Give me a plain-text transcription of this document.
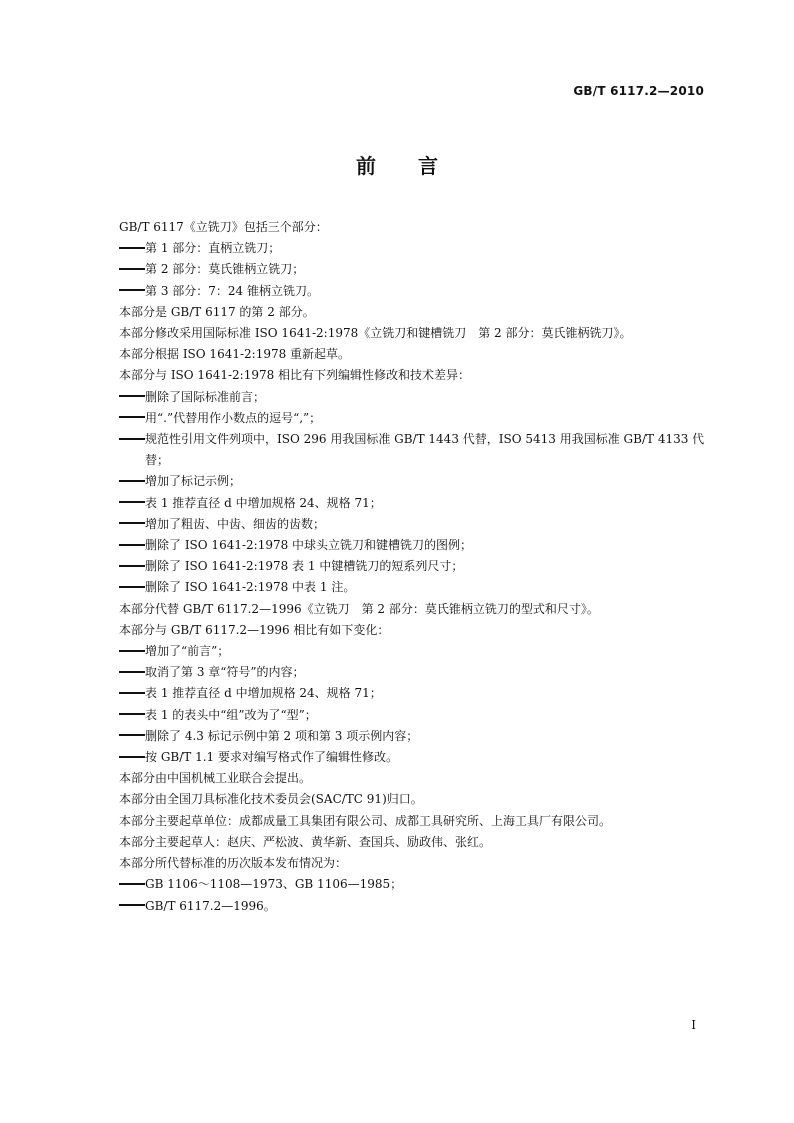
GB/T 6117.2—2010
前言
GB/T 6117《立铣刀》包括三个部分：
第 1 部分：直柄立铣刀；
第 2 部分：莫氏锥柄立铣刀；
第 3 部分：7：24 锥柄立铣刀。
本部分是 GB/T 6117 的第 2 部分。
本部分修改采用国际标准 ISO 1641-2:1978《立铣刀和键槽铣刀　第 2 部分：莫氏锥柄铣刀》。
本部分根据 ISO 1641-2:1978 重新起草。
本部分与 ISO 1641-2:1978 相比有下列编辑性修改和技术差异：
删除了国际标准前言；
用“.”代替用作小数点的逗号“,”；
规范性引用文件列项中，ISO 296 用我国标准 GB/T 1443 代替，ISO 5413 用我国标准 GB/T 4133 代替；
增加了标记示例；
表 1 推荐直径 d 中增加规格 24、规格 71；
增加了粗齿、中齿、细齿的齿数；
删除了 ISO 1641-2:1978 中球头立铣刀和键槽铣刀的图例；
删除了 ISO 1641-2:1978 表 1 中键槽铣刀的短系列尺寸；
删除了 ISO 1641-2:1978 中表 1 注。
本部分代替 GB/T 6117.2—1996《立铣刀　第 2 部分：莫氏锥柄立铣刀的型式和尺寸》。
本部分与 GB/T 6117.2—1996 相比有如下变化：
增加了“前言”；
取消了第 3 章“符号”的内容；
表 1 推荐直径 d 中增加规格 24、规格 71；
表 1 的表头中“组”改为了“型”；
删除了 4.3 标记示例中第 2 项和第 3 项示例内容；
按 GB/T 1.1 要求对编写格式作了编辑性修改。
本部分由中国机械工业联合会提出。
本部分由全国刀具标准化技术委员会(SAC/TC 91)归口。
本部分主要起草单位：成都成量工具集团有限公司、成都工具研究所、上海工具厂有限公司。
本部分主要起草人：赵庆、严松波、黄华新、查国兵、励政伟、张红。
本部分所代替标准的历次版本发布情况为：
GB 1106～1108—1973、GB 1106—1985；
GB/T 6117.2—1996。
I
